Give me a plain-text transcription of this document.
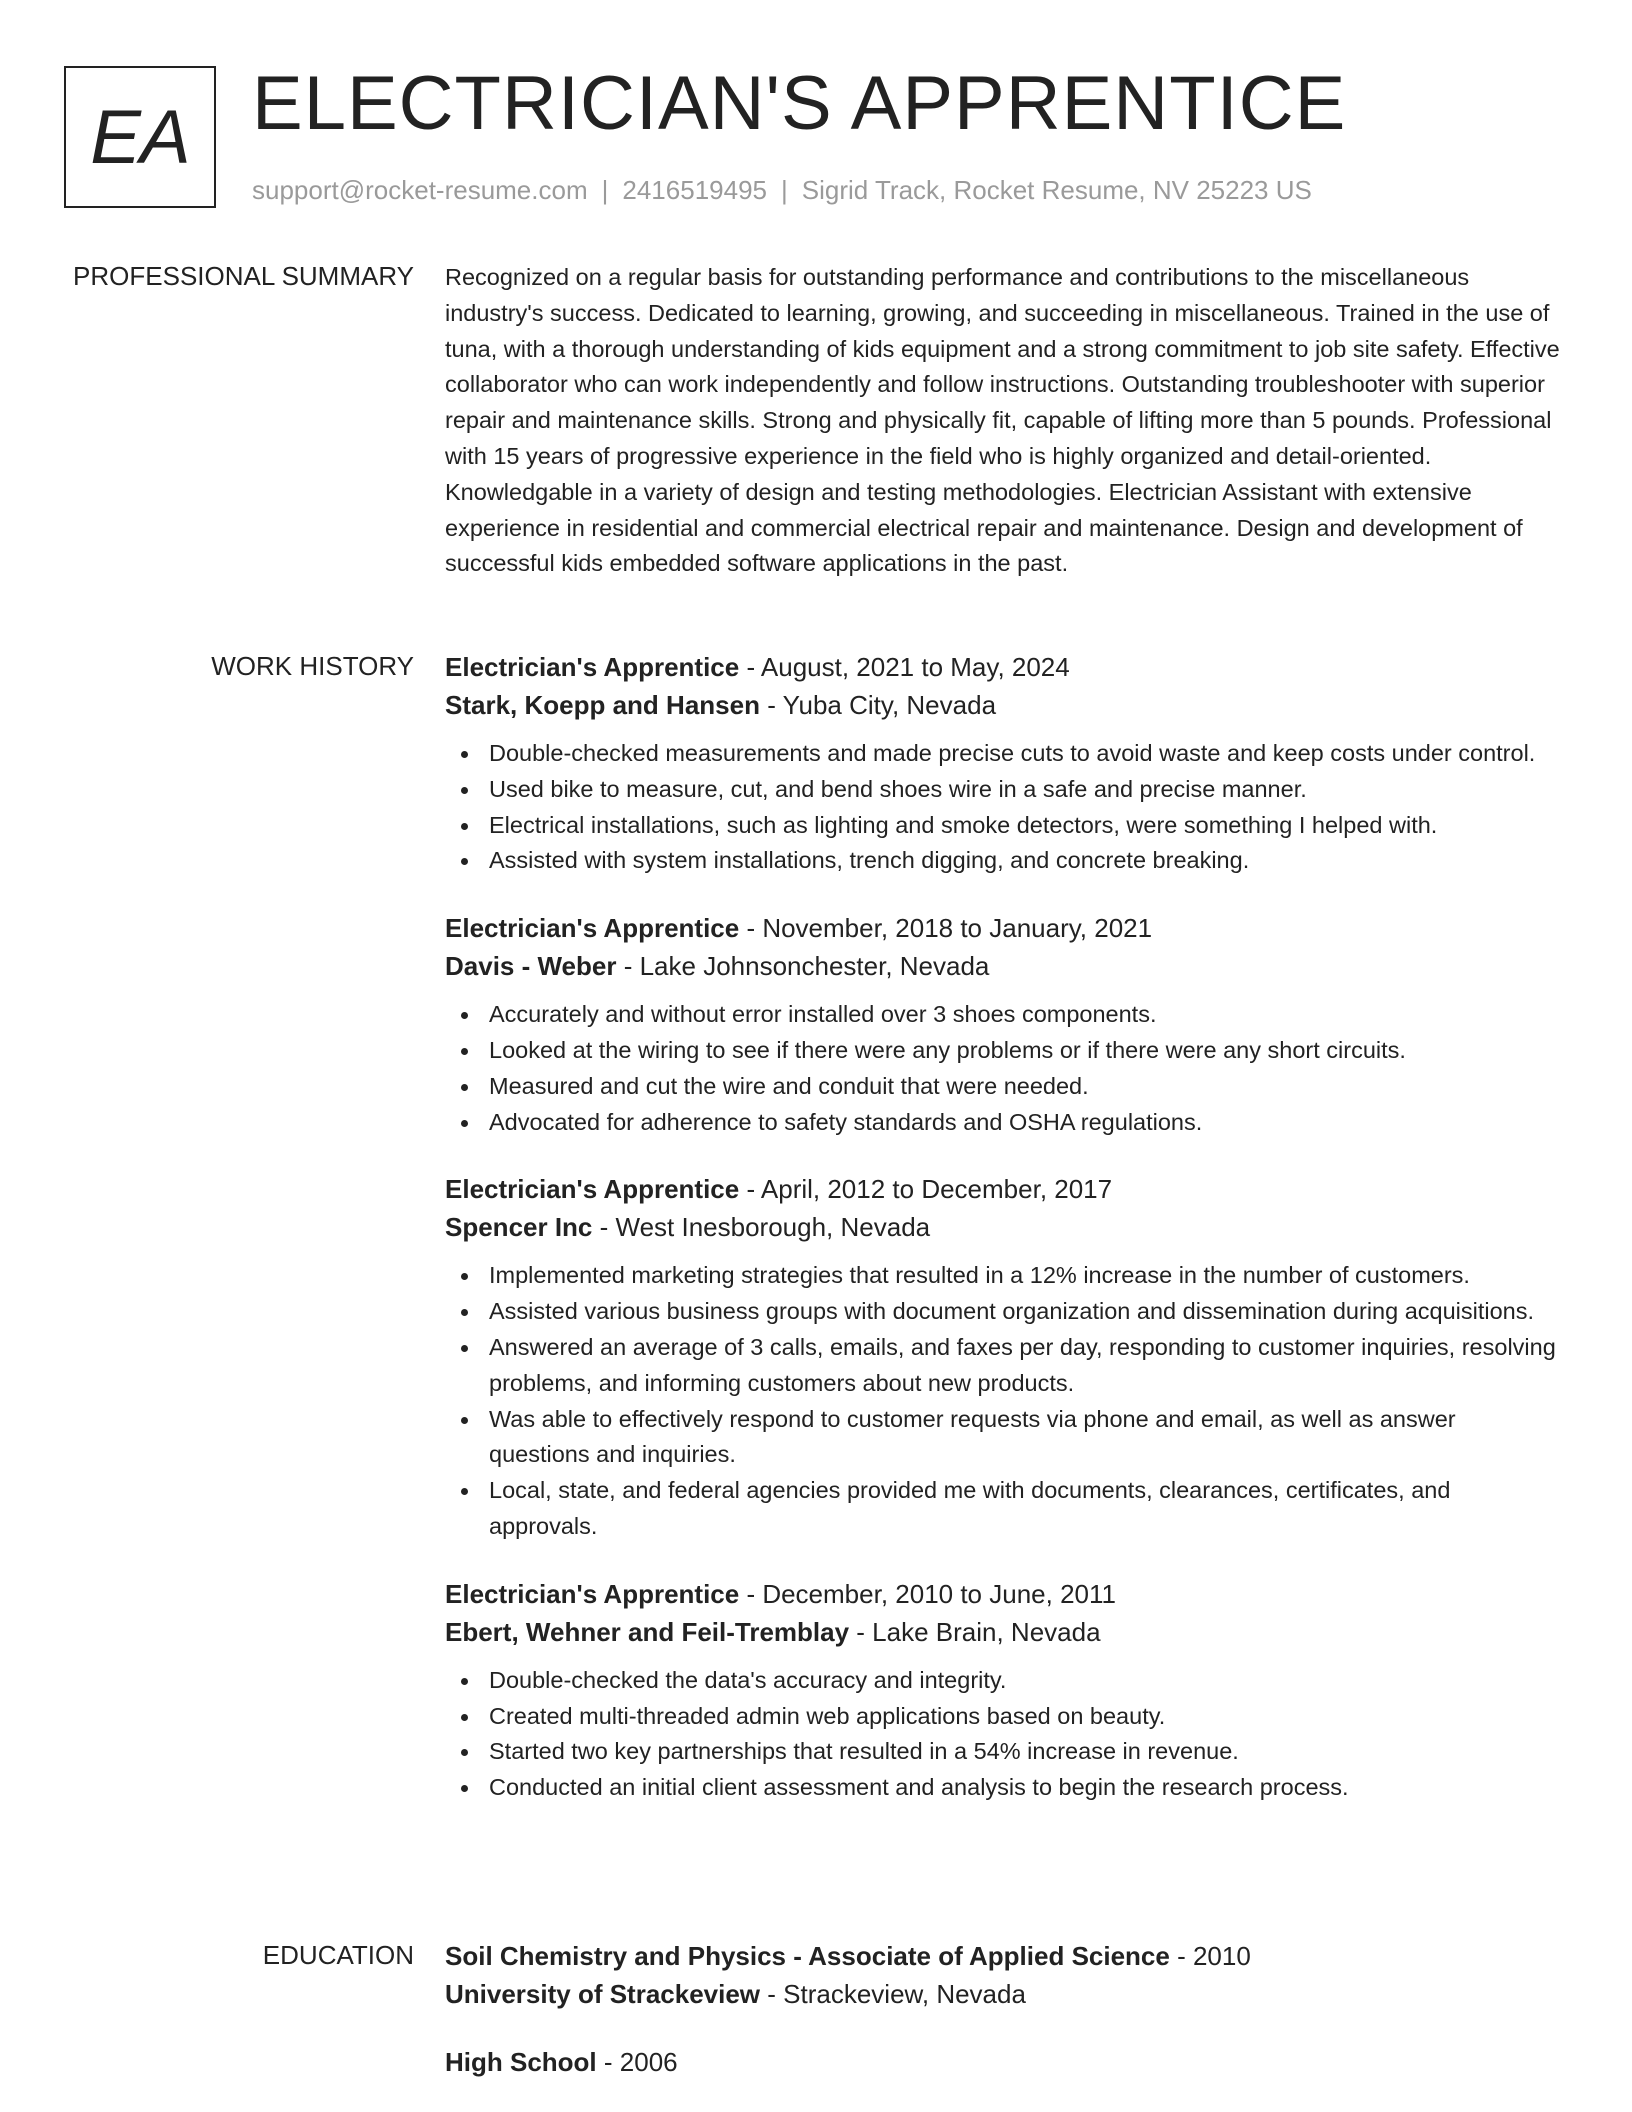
EA ELECTRICIAN'S APPRENTICE
support@rocket-resume.com | 2416519495 | Sigrid Track, Rocket Resume, NV 25223 US
PROFESSIONAL SUMMARY Recognized on a regular basis for outstanding performance and contributions to the miscellaneous industry's success. Dedicated to learning, growing, and succeeding in miscellaneous. Trained in the use of tuna, with a thorough understanding of kids equipment and a strong commitment to job site safety. Effective collaborator who can work independently and follow instructions. Outstanding troubleshooter with superior repair and maintenance skills. Strong and physically fit, capable of lifting more than 5 pounds. Professional with 15 years of progressive experience in the field who is highly organized and detail-oriented. Knowledgable in a variety of design and testing methodologies. Electrician Assistant with extensive experience in residential and commercial electrical repair and maintenance. Design and development of successful kids embedded software applications in the past.

WORK HISTORY Electrician's Apprentice - August, 2021 to May, 2024
Stark, Koepp and Hansen - Yuba City, Nevada
Double-checked measurements and made precise cuts to avoid waste and keep costs under control.
Used bike to measure, cut, and bend shoes wire in a safe and precise manner.
Electrical installations, such as lighting and smoke detectors, were something I helped with.
Assisted with system installations, trench digging, and concrete breaking.
Electrician's Apprentice - November, 2018 to January, 2021
Davis - Weber - Lake Johnsonchester, Nevada
Accurately and without error installed over 3 shoes components.
Looked at the wiring to see if there were any problems or if there were any short circuits.
Measured and cut the wire and conduit that were needed.
Advocated for adherence to safety standards and OSHA regulations.
Electrician's Apprentice - April, 2012 to December, 2017
Spencer Inc - West Inesborough, Nevada
Implemented marketing strategies that resulted in a 12% increase in the number of customers.
Assisted various business groups with document organization and dissemination during acquisitions.
Answered an average of 3 calls, emails, and faxes per day, responding to customer inquiries, resolving problems, and informing customers about new products.
Was able to effectively respond to customer requests via phone and email, as well as answer questions and inquiries.
Local, state, and federal agencies provided me with documents, clearances, certificates, and approvals.
Electrician's Apprentice - December, 2010 to June, 2011
Ebert, Wehner and Feil-Tremblay - Lake Brain, Nevada
Double-checked the data's accuracy and integrity.
Created multi-threaded admin web applications based on beauty.
Started two key partnerships that resulted in a 54% increase in revenue.
Conducted an initial client assessment and analysis to begin the research process.
EDUCATION Soil Chemistry and Physics - Associate of Applied Science - 2010
University of Strackeview - Strackeview, Nevada
High School - 2006
